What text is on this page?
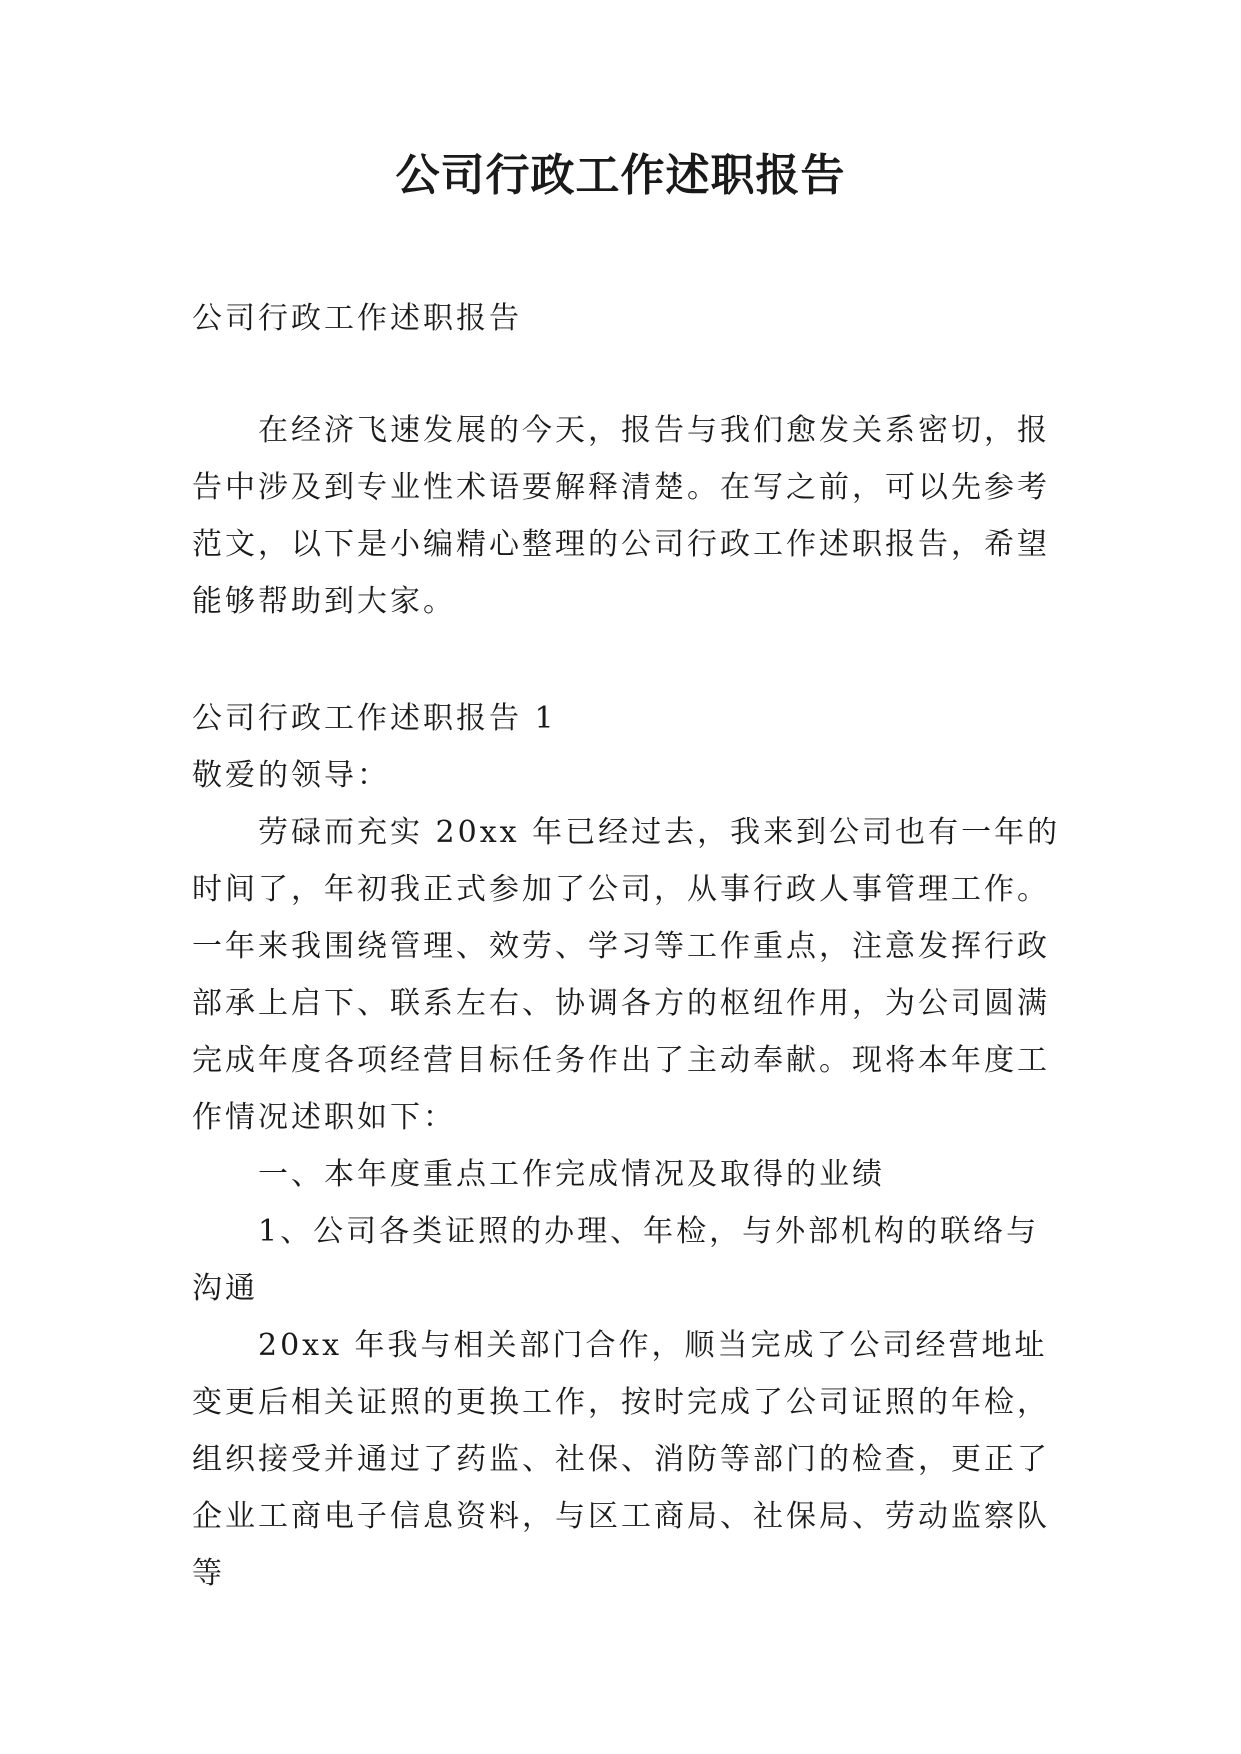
公司行政工作述职报告

公司行政工作述职报告

在经济飞速发展的今天，报告与我们愈发关系密切，报告中涉及到专业性术语要解释清楚。在写之前，可以先参考范文，以下是小编精心整理的公司行政工作述职报告，希望能够帮助到大家。

公司行政工作述职报告 1

敬爱的领导：

劳碌而充实 20xx 年已经过去，我来到公司也有一年的时间了，年初我正式参加了公司，从事行政人事管理工作。一年来我围绕管理、效劳、学习等工作重点，注意发挥行政部承上启下、联系左右、协调各方的枢纽作用，为公司圆满完成年度各项经营目标任务作出了主动奉献。现将本年度工作情况述职如下：

一、本年度重点工作完成情况及取得的业绩

1、公司各类证照的办理、年检，与外部机构的联络与沟通

20xx 年我与相关部门合作，顺当完成了公司经营地址变更后相关证照的更换工作，按时完成了公司证照的年检，组织接受并通过了药监、社保、消防等部门的检查，更正了企业工商电子信息资料，与区工商局、社保局、劳动监察队等
